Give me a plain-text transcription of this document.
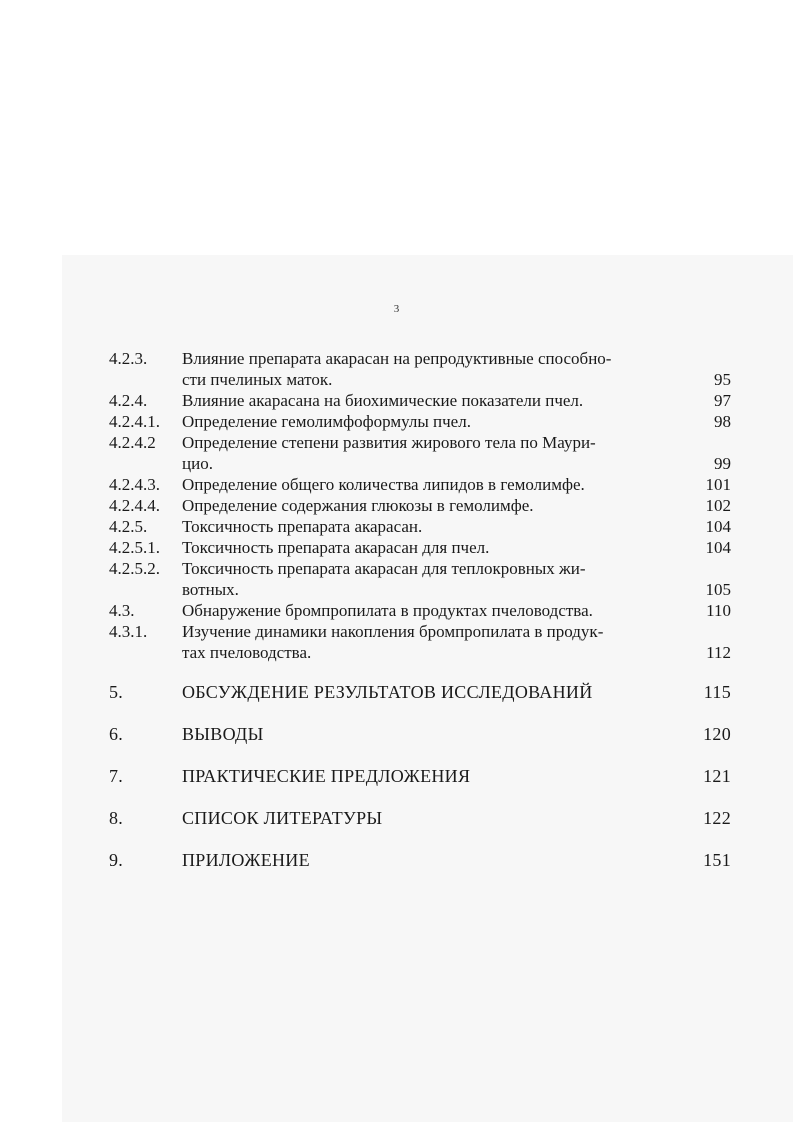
3
4.2.3. Влияние препарата акарасан на репродуктивные способно-
сти пчелиных маток.	95
4.2.4. Влияние акарасана на биохимические показатели пчел.	97
4.2.4.1. Определение гемолимфоформулы пчел.	98
4.2.4.2 Определение степени развития жирового тела по Маури-
цио.	99
4.2.4.3. Определение общего количества липидов в гемолимфе.	101
4.2.4.4. Определение содержания глюкозы в гемолимфе.	102
4.2.5. Токсичность препарата акарасан.	104
4.2.5.1. Токсичность препарата акарасан для пчел.	104
4.2.5.2. Токсичность препарата акарасан для теплокровных жи-
вотных.	105
4.3.	Обнаружение бромпропилата в продуктах пчеловодства.	110
4.3.1. Изучение динамики накопления бромпропилата в продук-
тах пчеловодства.	112
5.	ОБСУЖДЕНИЕ РЕЗУЛЬТАТОВ ИССЛЕДОВАНИЙ	115
6.	ВЫВОДЫ	120
7.	ПРАКТИЧЕСКИЕ ПРЕДЛОЖЕНИЯ	121
8.	СПИСОК ЛИТЕРАТУРЫ	122
9.	ПРИЛОЖЕНИЕ	151
